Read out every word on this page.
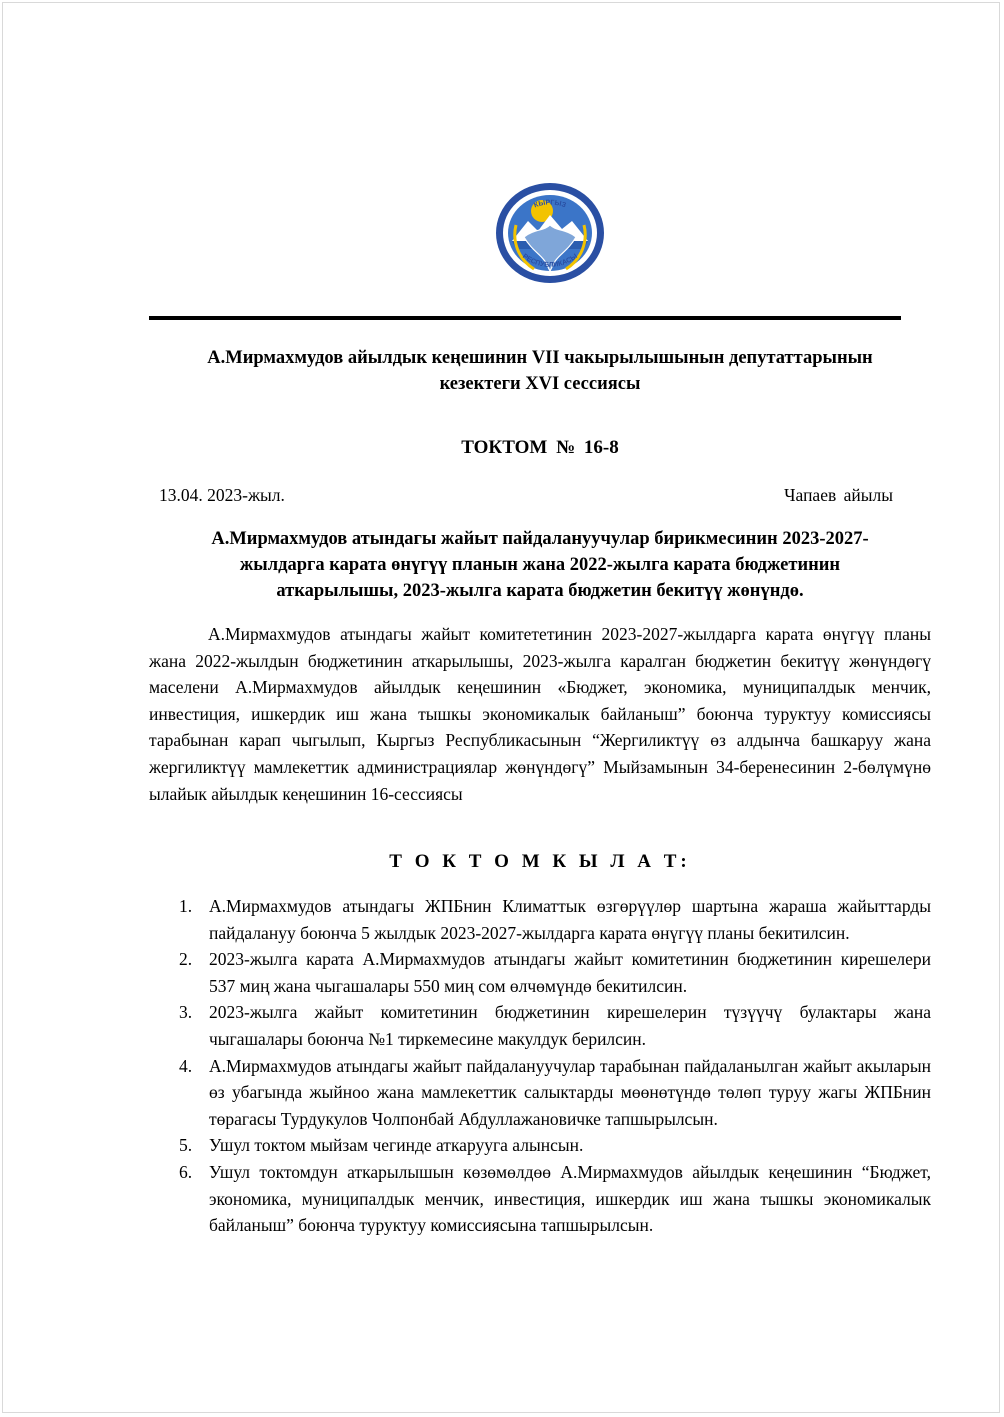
КЫРГЫЗ
РЕСПУБЛИКАСЫ
А.Мирмахмудов айылдык кеңешинин VII чакырылышынын депутаттарынын
кезектеги XVI сессиясы
ТОКТОМ № 16-8
13.04. 2023-жыл.	Чапаев айылы
А.Мирмахмудов атындагы жайыт пайдалануучулар бирикмесинин 2023-2027-
жылдарга карата өнүгүү планын жана 2022-жылга карата бюджетинин
аткарылышы, 2023-жылга карата бюджетин бекитүү жөнүндө.

А.Мирмахмудов атындагы жайыт комитететинин 2023-2027-жылдарга карата өнүгүү планы жана 2022-жылдын бюджетинин аткарылышы, 2023-жылга каралган бюджетин бекитүү жөнүндөгү маселени А.Мирмахмудов айылдык кеңешинин «Бюджет, экономика, муниципалдык менчик, инвестиция, ишкердик иш жана тышкы экономикалык байланыш” боюнча туруктуу комиссиясы тарабынан карап чыгылып, Кыргыз Республикасынын “Жергиликтүү өз алдынча башкаруу жана жергиликтүү мамлекеттик администрациялар жөнүндөгү” Мыйзамынын 34-беренесинин 2-бөлүмүнө ылайык айылдык кеңешинин 16-сессиясы

Т О К Т О М К Ы Л А Т:
1. А.Мирмахмудов атындагы ЖПБнин Климаттык өзгөрүүлөр шартына жараша жайыттарды пайдалануу боюнча 5 жылдык 2023-2027-жылдарга карата өнүгүү планы бекитилсин.
2. 2023-жылга карата А.Мирмахмудов атындагы жайыт комитетинин бюджетинин кирешелери 537 миң жана чыгашалары 550 миң сом өлчөмүндө бекитилсин.
3. 2023-жылга жайыт комитетинин бюджетинин кирешелерин түзүүчү булактары жана чыгашалары боюнча №1 тиркемесине макулдук берилсин.
4. А.Мирмахмудов атындагы жайыт пайдалануучулар тарабынан пайдаланылган жайыт акыларын өз убагында жыйноо жана мамлекеттик салыктарды мөөнөтүндө төлөп туруу жагы ЖПБнин төрагасы Турдукулов Чолпонбай Абдуллажановичке тапшырылсын.
5. Ушул токтом мыйзам чегинде аткарууга алынсын.
6. Ушул токтомдун аткарылышын көзөмөлдөө А.Мирмахмудов айылдык кеңешинин “Бюджет, экономика, муниципалдык менчик, инвестиция, ишкердик иш жана тышкы экономикалык байланыш” боюнча туруктуу комиссиясына тапшырылсын.
